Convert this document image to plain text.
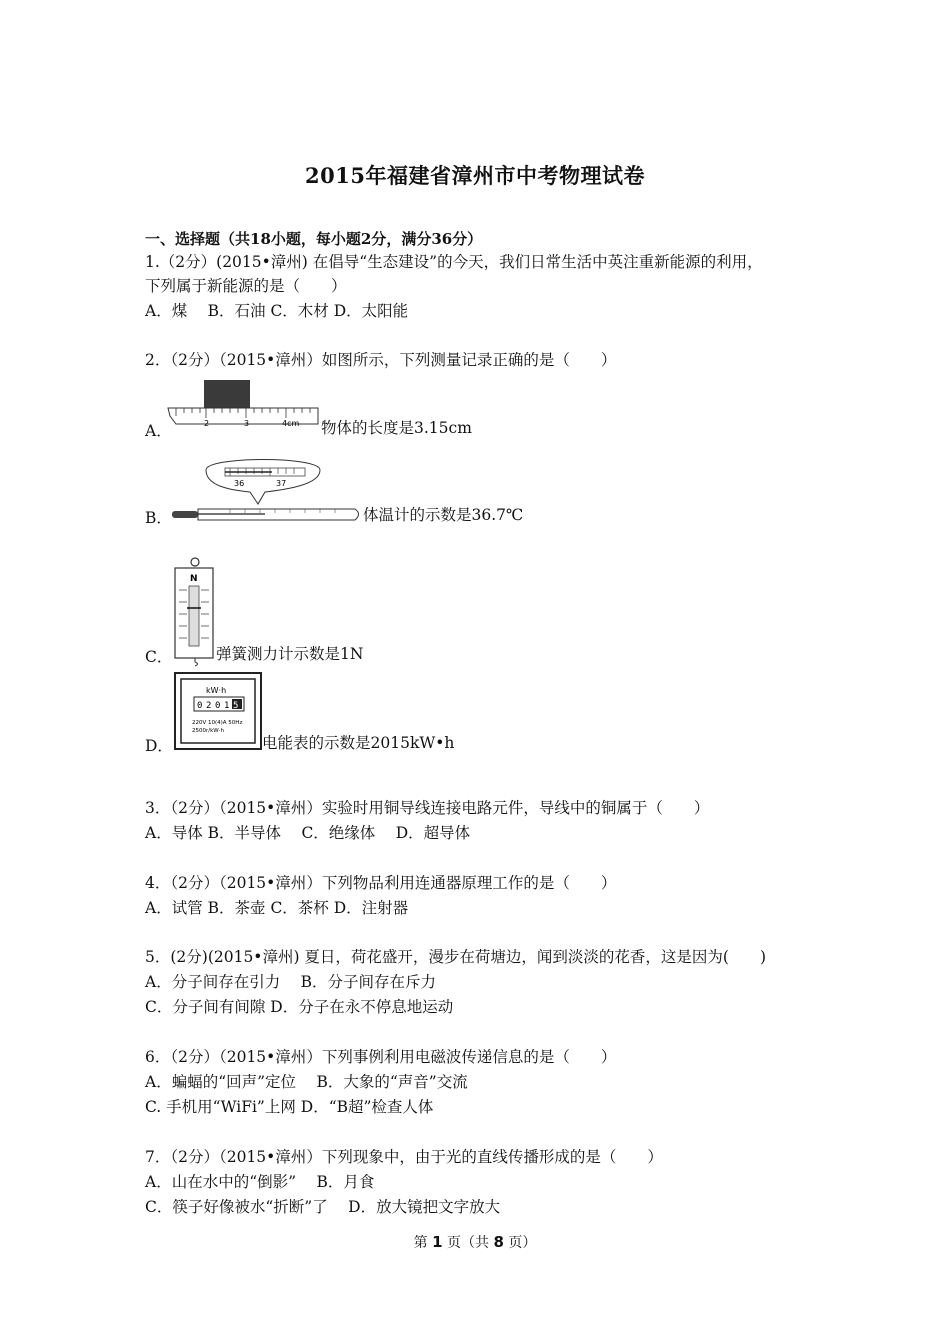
2015年福建省漳州市中考物理试卷
一、选择题（共18小题，每小题2分，满分36分）
1.（2分）(2015•漳州) 在倡导“生态建设”的今天，我们日常生活中英注重新能源的利用，
下列属于新能源的是（　　）
A．煤　 B．石油 C．木材 D．太阳能
2．（2分）（2015•漳州）如图所示，下列测量记录正确的是（　　）
A．	2	3	4cm 物体的长度是3.15cm
B．
36	37
体温计的示数是36.7℃
C．
N
弹簧测力计示数是1N
D．
kW·h
0 2 0 1 5
220V 10(4)A 50Hz
2500r/kW·h
电能表的示数是2015kW•h
3．（2分）（2015•漳州）实验时用铜导线连接电路元件，导线中的铜属于（　　）
A．导体 B．半导体　 C．绝缘体　 D．超导体
4．（2分）（2015•漳州）下列物品利用连通器原理工作的是（　　）
A．试管 B．茶壶 C．茶杯 D．注射器
5．(2分)(2015•漳州) 夏日，荷花盛开，漫步在荷塘边，闻到淡淡的花香，这是因为(　　)
A．分子间存在引力　 B．分子间存在斥力
C．分子间有间隙 D．分子在永不停息地运动
6．（2分）（2015•漳州）下列事例利用电磁波传递信息的是（　　）
A．蝙蝠的“回声”定位　 B．大象的“声音”交流
C. 手机用“WiFi”上网 D．“B超”检查人体
7．（2分）（2015•漳州）下列现象中，由于光的直线传播形成的是（　　）
A．山在水中的“倒影”　 B．月食
C．筷子好像被水“折断”了　 D．放大镜把文字放大
第 1 页（共 8 页）
